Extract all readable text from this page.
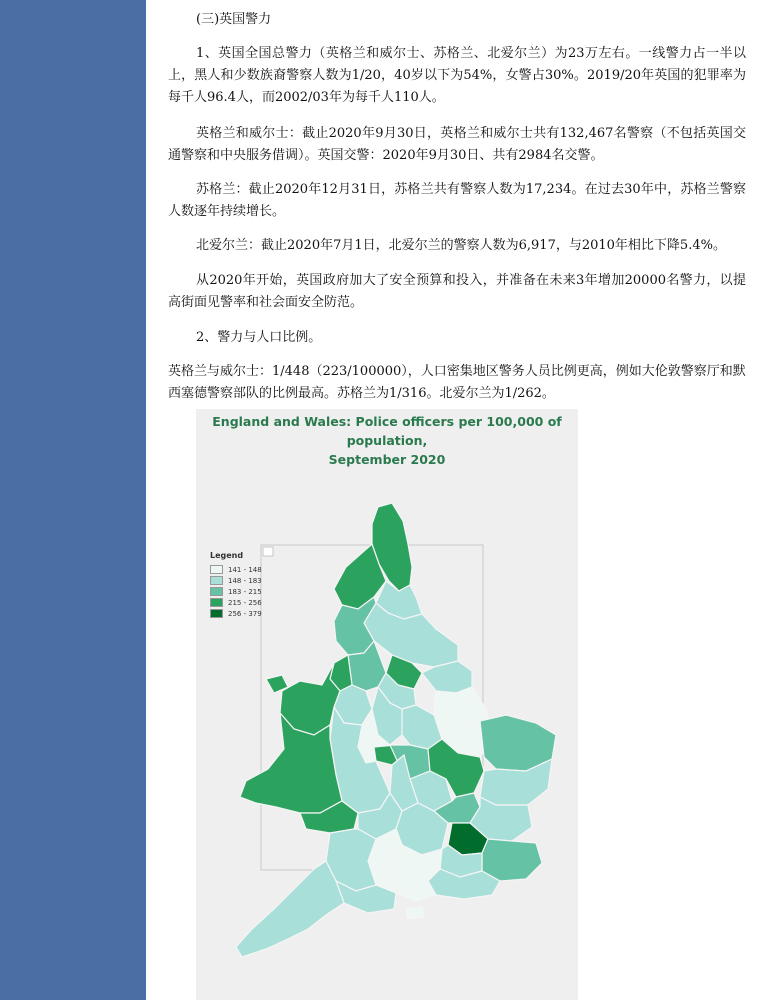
(三)英国警力
1、英国全国总警力（英格兰和威尔士、苏格兰、北爱尔兰）为23万左右。一线警力占一半以上，黑人和少数族裔警察人数为1/20，40岁以下为54%，女警占30%。2019/20年英国的犯罪率为每千人96.4人，而2002/03年为每千人110人。
英格兰和威尔士：截止2020年9月30日，英格兰和威尔士共有132,467名警察（不包括英国交通警察和中央服务借调）。英国交警：2020年9月30日、共有2984名交警。
苏格兰：截止2020年12月31日，苏格兰共有警察人数为17,234。在过去30年中，苏格兰警察人数逐年持续增长。
北爱尔兰：截止2020年7月1日，北爱尔兰的警察人数为6,917，与2010年相比下降5.4%。
从2020年开始，英国政府加大了安全预算和投入，并准备在未来3年增加20000名警力，以提高街面见警率和社会面安全防范。
2、警力与人口比例。
英格兰与威尔士：1/448（223/100000），人口密集地区警务人员比例更高，例如大伦敦警察厅和默西塞德警察部队的比例最高。苏格兰为1/316。北爱尔兰为1/262。
England and Wales: Police officers per 100,000 of population,
September 2020
Legend
141 - 148
148 - 183
183 - 215
215 - 256
256 - 379
